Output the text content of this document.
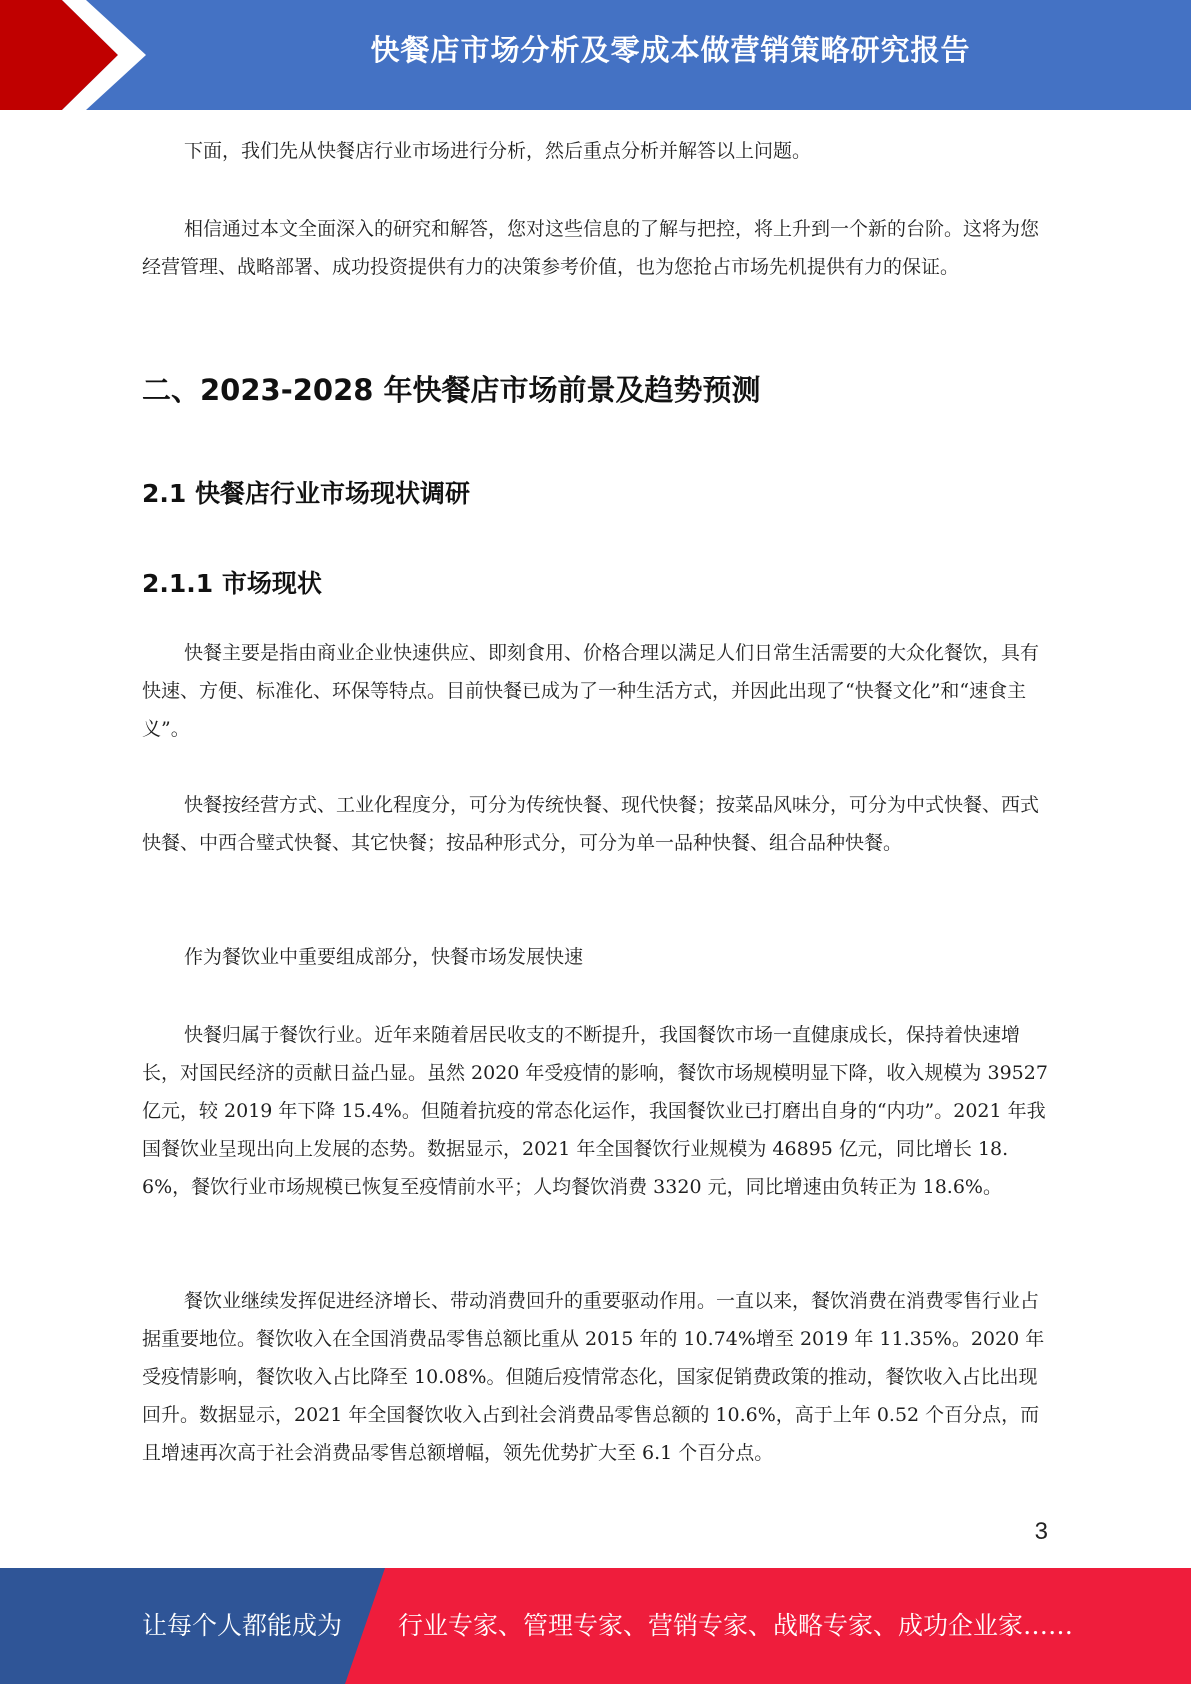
快餐店市场分析及零成本做营销策略研究报告

下面，我们先从快餐店行业市场进行分析，然后重点分析并解答以上问题。

相信通过本文全面深入的研究和解答，您对这些信息的了解与把控，将上升到一个新的台阶。这将为您经营管理、战略部署、成功投资提供有力的决策参考价值，也为您抢占市场先机提供有力的保证。

二、2023-2028 年快餐店市场前景及趋势预测
2.1 快餐店行业市场现状调研
2.1.1 市场现状

快餐主要是指由商业企业快速供应、即刻食用、价格合理以满足人们日常生活需要的大众化餐饮，具有快速、方便、标准化、环保等特点。目前快餐已成为了一种生活方式，并因此出现了“快餐文化”和“速食主义”。

快餐按经营方式、工业化程度分，可分为传统快餐、现代快餐；按菜品风味分，可分为中式快餐、西式快餐、中西合璧式快餐、其它快餐；按品种形式分，可分为单一品种快餐、组合品种快餐。

作为餐饮业中重要组成部分，快餐市场发展快速

快餐归属于餐饮行业。近年来随着居民收支的不断提升，我国餐饮市场一直健康成长，保持着快速增长，对国民经济的贡献日益凸显。虽然 2020 年受疫情的影响，餐饮市场规模明显下降，收入规模为 39527 亿元，较 2019 年下降 15.4%。但随着抗疫的常态化运作，我国餐饮业已打磨出自身的“内功”。2021 年我国餐饮业呈现出向上发展的态势。数据显示，2021 年全国餐饮行业规模为 46895 亿元，同比增长 18.6%，餐饮行业市场规模已恢复至疫情前水平；人均餐饮消费 3320 元，同比增速由负转正为 18.6%。

餐饮业继续发挥促进经济增长、带动消费回升的重要驱动作用。一直以来，餐饮消费在消费零售行业占据重要地位。餐饮收入在全国消费品零售总额比重从 2015 年的 10.74%增至 2019 年 11.35%。2020 年受疫情影响，餐饮收入占比降至 10.08%。但随后疫情常态化，国家促销费政策的推动，餐饮收入占比出现回升。数据显示，2021 年全国餐饮收入占到社会消费品零售总额的 10.6%，高于上年 0.52 个百分点，而且增速再次高于社会消费品零售总额增幅，领先优势扩大至 6.1 个百分点。

3
让每个人都能成为 行业专家、管理专家、营销专家、战略专家、成功企业家……
